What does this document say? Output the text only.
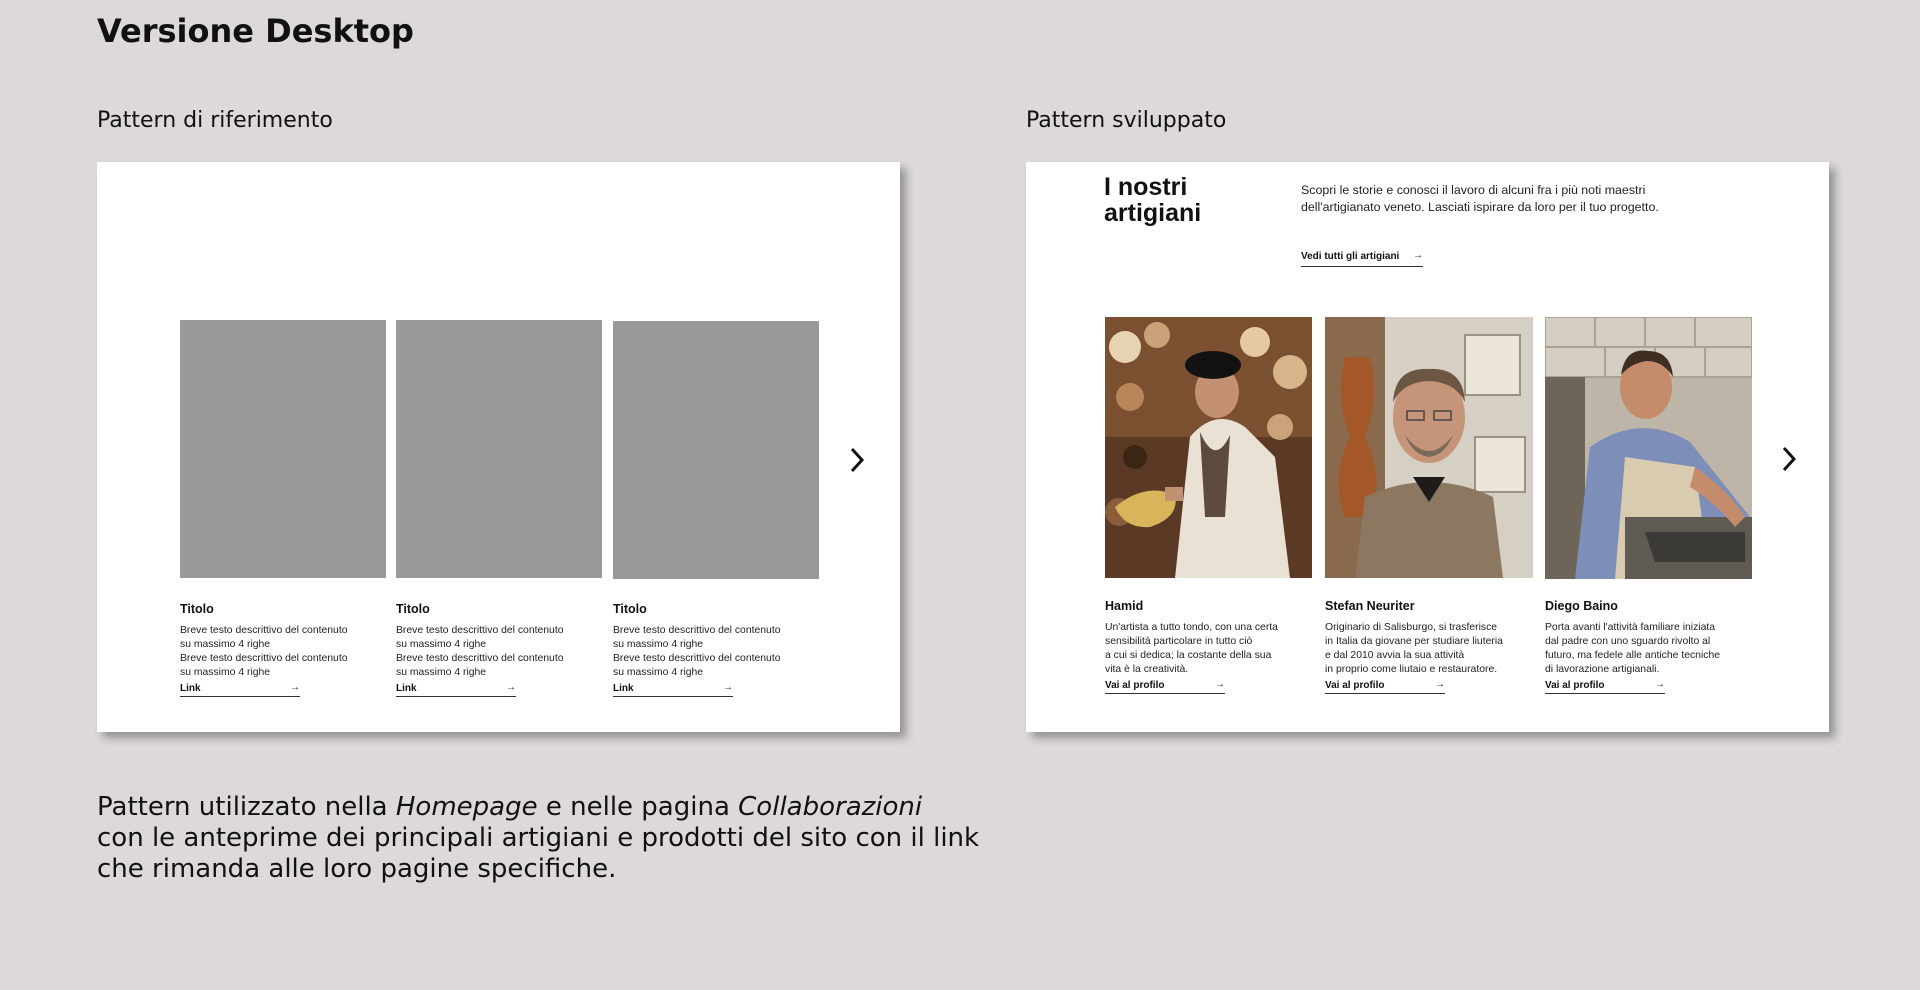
Versione Desktop
Pattern di riferimento	Pattern sviluppato
Titolo
Breve testo descrittivo del contenuto
su massimo 4 righe
Breve testo descrittivo del contenuto
su massimo 4 righe
Link	→
Titolo
Breve testo descrittivo del contenuto
su massimo 4 righe
Breve testo descrittivo del contenuto
su massimo 4 righe
Link	→
Titolo
Breve testo descrittivo del contenuto
su massimo 4 righe
Breve testo descrittivo del contenuto
su massimo 4 righe
Link	→
I nostri
artigiani
Scopri le storie e conosci il lavoro di alcuni fra i più noti maestri
dell'artigianato veneto. Lasciati ispirare da loro per il tuo progetto.
Vedi tutti gli artigiani →
Hamid
Un'artista a tutto tondo, con una certa
sensibilità particolare in tutto ciò
a cui si dedica; la costante della sua
vita è la creatività.
Vai al profilo	→
Stefan Neuriter
Originario di Salisburgo, si trasferisce
in Italia da giovane per studiare liuteria
e dal 2010 avvia la sua attività
in proprio come liutaio e restauratore.
Vai al profilo	→
Diego Baino
Porta avanti l'attività familiare iniziata
dal padre con uno sguardo rivolto al
futuro, ma fedele alle antiche tecniche
di lavorazione artigianali.
Vai al profilo	→

Pattern utilizzato nella Homepage e nelle pagina Collaborazioni

con le anteprime dei principali artigiani e prodotti del sito con il link

che rimanda alle loro pagine specifiche.
